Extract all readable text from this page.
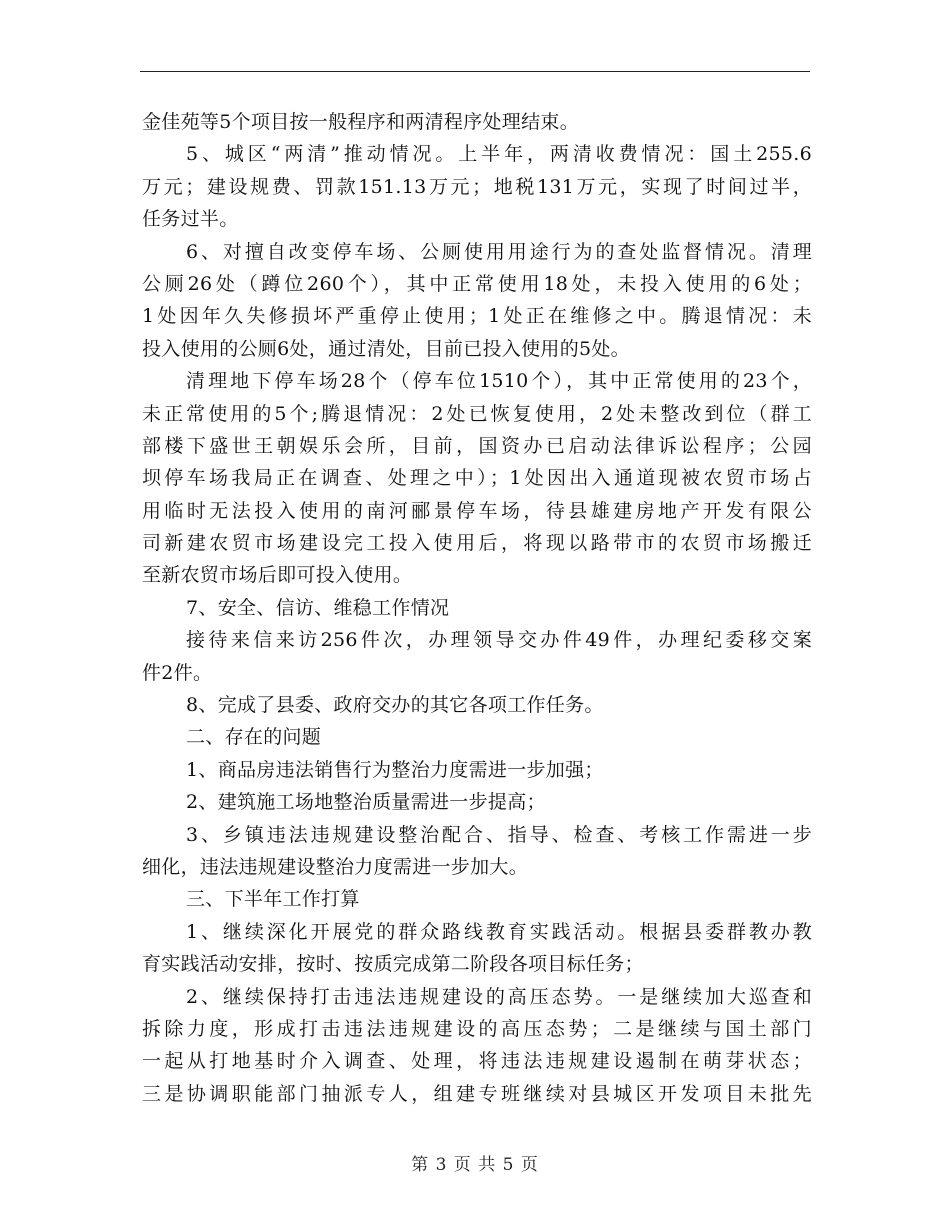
金佳苑等5个项目按一般程序和两清程序处理结束。
5、城区“两清”推动情况。上半年，两清收费情况：国土255.6
万元；建设规费、罚款151.13万元；地税131万元，实现了时间过半，
任务过半。
6、对擅自改变停车场、公厕使用用途行为的查处监督情况。清理
公厕26处（蹲位260个），其中正常使用18处，未投入使用的6处；
1处因年久失修损坏严重停止使用；1处正在维修之中。腾退情况：未
投入使用的公厕6处，通过清处，目前已投入使用的5处。
清理地下停车场28个（停车位1510个），其中正常使用的23个，
未正常使用的5个;腾退情况：2处已恢复使用，2处未整改到位（群工
部楼下盛世王朝娱乐会所，目前，国资办已启动法律诉讼程序；公园
坝停车场我局正在调查、处理之中）；1处因出入通道现被农贸市场占
用临时无法投入使用的南河郦景停车场，待县雄建房地产开发有限公
司新建农贸市场建设完工投入使用后，将现以路带市的农贸市场搬迁
至新农贸市场后即可投入使用。
7、安全、信访、维稳工作情况
接待来信来访256件次，办理领导交办件49件，办理纪委移交案
件2件。
8、完成了县委、政府交办的其它各项工作任务。
二、存在的问题
1、商品房违法销售行为整治力度需进一步加强；
2、建筑施工场地整治质量需进一步提高；
3、乡镇违法违规建设整治配合、指导、检查、考核工作需进一步
细化，违法违规建设整治力度需进一步加大。
三、下半年工作打算
1、继续深化开展党的群众路线教育实践活动。根据县委群教办教
育实践活动安排，按时、按质完成第二阶段各项目标任务；
2、继续保持打击违法违规建设的高压态势。一是继续加大巡查和
拆除力度，形成打击违法违规建设的高压态势；二是继续与国土部门
一起从打地基时介入调查、处理，将违法违规建设遏制在萌芽状态；
三是协调职能部门抽派专人，组建专班继续对县城区开发项目未批先
第 3 页 共 5 页
